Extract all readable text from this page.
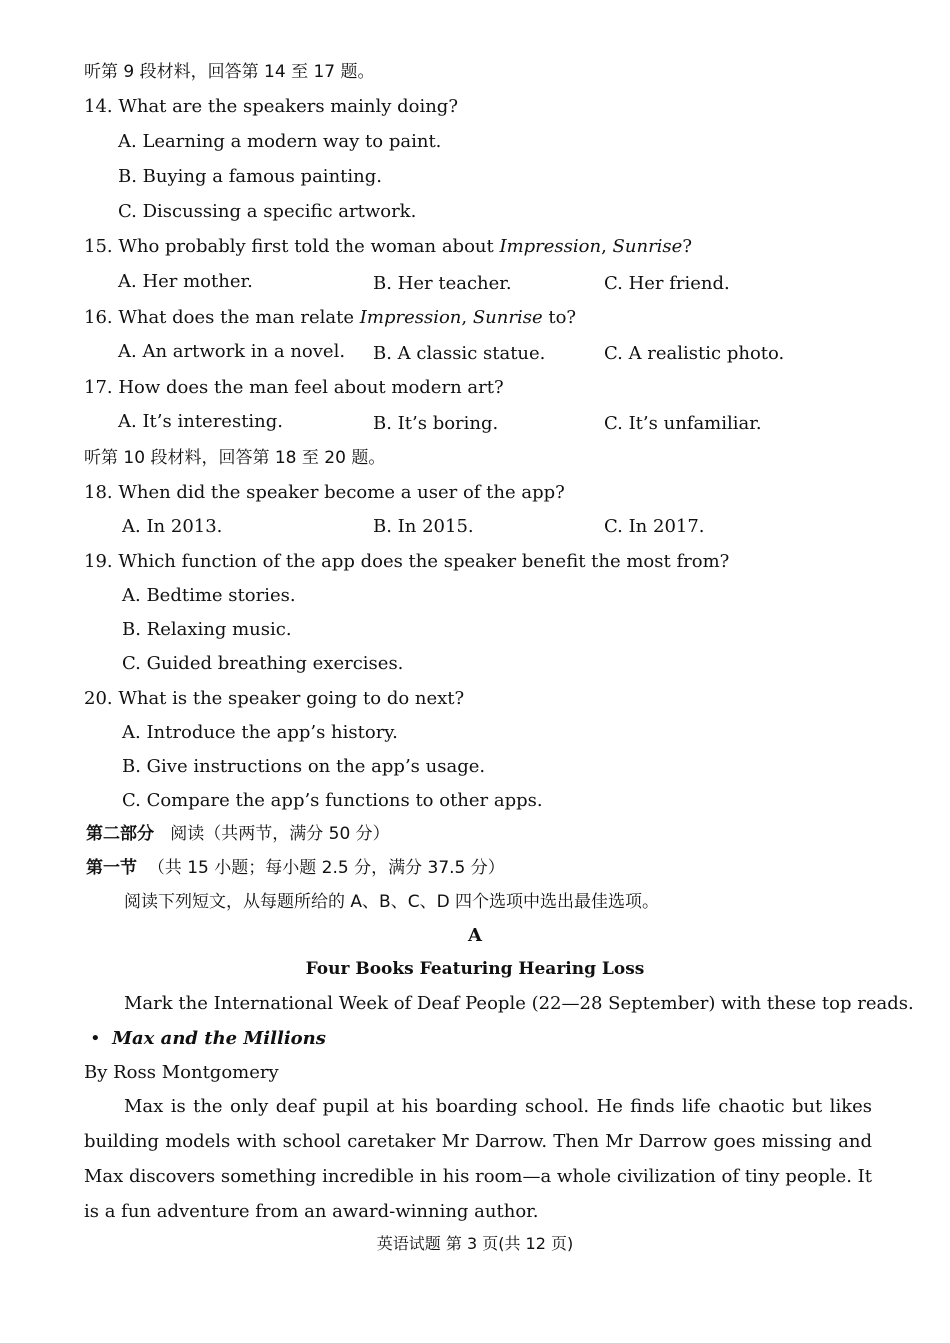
听第 9 段材料，回答第 14 至 17 题。
14. What are the speakers mainly doing?
A. Learning a modern way to paint.
B. Buying a famous painting.
C. Discussing a specific artwork.
15. Who probably first told the woman about Impression, Sunrise?
A. Her mother.	B. Her teacher.	C. Her friend.
16. What does the man relate Impression, Sunrise to?
A. An artwork in a novel. B. A classic statue.	C. A realistic photo.
17. How does the man feel about modern art?
A. It’s interesting.	B. It’s boring.	C. It’s unfamiliar.
听第 10 段材料，回答第 18 至 20 题。
18. When did the speaker become a user of the app?
A. In 2013.	B. In 2015.	C. In 2017.
19. Which function of the app does the speaker benefit the most from?
A. Bedtime stories.
B. Relaxing music.
C. Guided breathing exercises.
20. What is the speaker going to do next?
A. Introduce the app’s history.
B. Give instructions on the app’s usage.
C. Compare the app’s functions to other apps.
第二部分 阅读（共两节，满分 50 分）
第一节 （共 15 小题；每小题 2.5 分，满分 37.5 分）
阅读下列短文，从每题所给的 A、B、C、D 四个选项中选出最佳选项。
A
Four Books Featuring Hearing Loss
Mark the International Week of Deaf People (22—28 September) with these top reads.
• Max and the Millions
By Ross Montgomery
Max is the only deaf pupil at his boarding school. He finds life chaotic but likes building models with school caretaker Mr Darrow. Then Mr Darrow goes missing and Max discovers something incredible in his room—a whole civilization of tiny people. It is a fun adventure from an award-winning author.
英语试题 第 3 页(共 12 页)
